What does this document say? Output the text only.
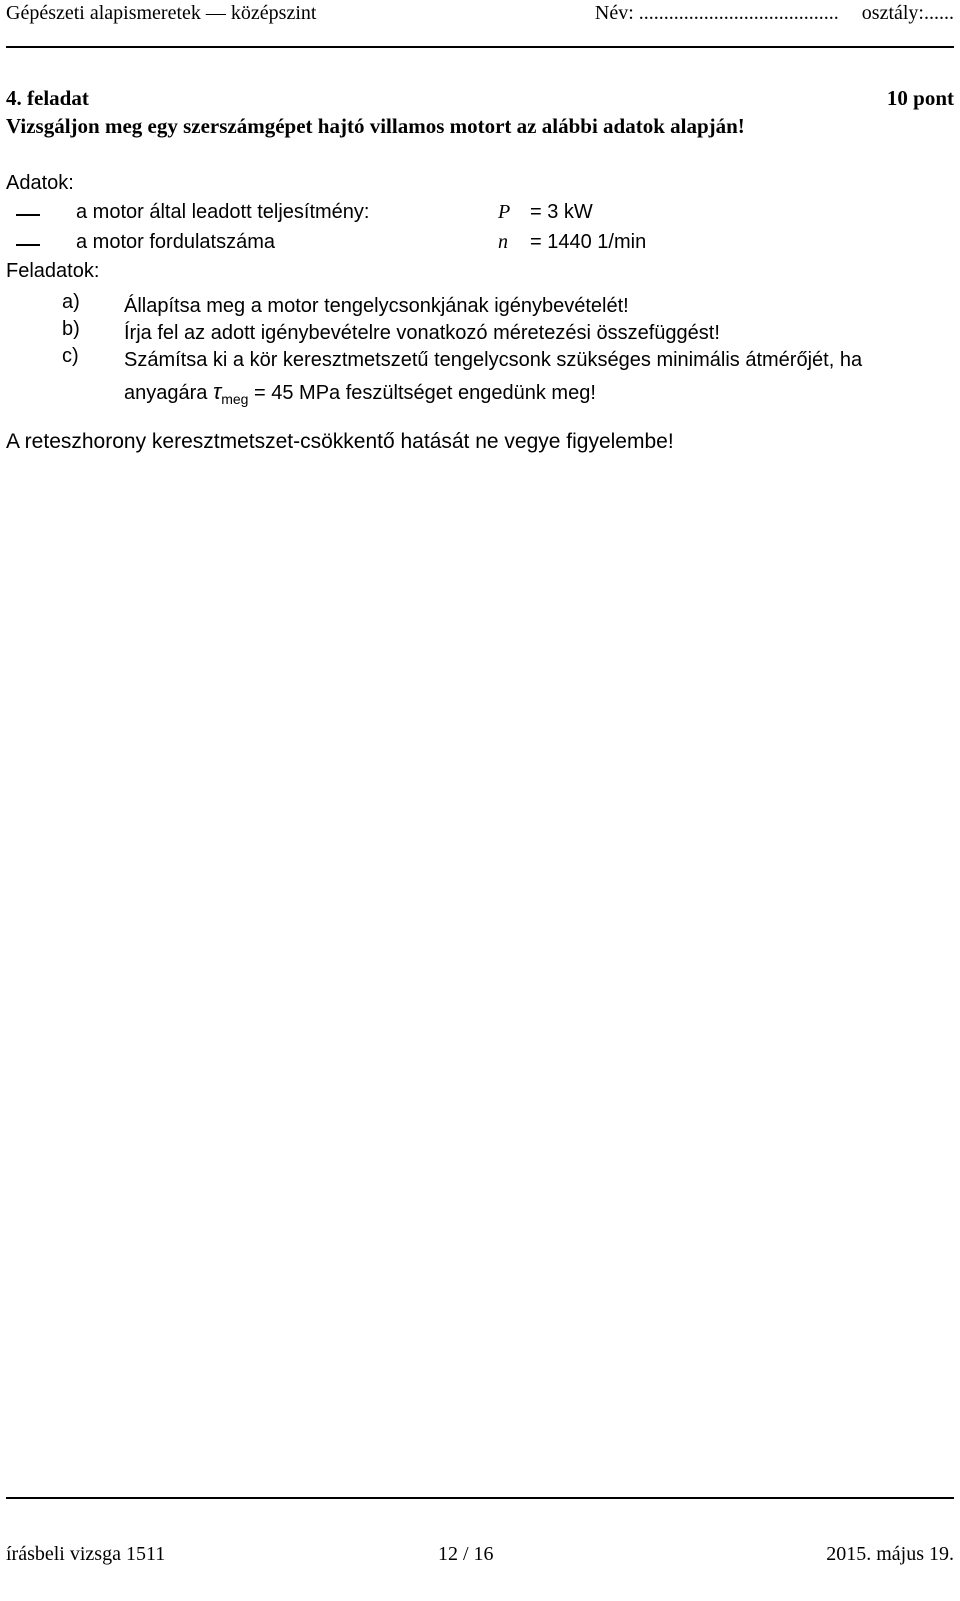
Gépészeti alapismeretek — középszint	Név: ........................................ osztály:......
4. feladat	10 pont
Vizsgáljon meg egy szerszámgépet hajtó villamos motort az alábbi adatok alapján!
Adatok:
a motor által leadott teljesítmény:	P = 3 kW
a motor fordulatszáma	n = 1440 1/min
Feladatok:
a) Állapítsa meg a motor tengelycsonkjának igénybevételét!
b) Írja fel az adott igénybevételre vonatkozó méretezési összefüggést!
c) Számítsa ki a kör keresztmetszetű tengelycsonk szükséges minimális átmérőjét, ha
anyagára $\tau_{meg} = 45$ MPa feszültséget engedünk meg!
A reteszhorony keresztmetszet-csökkentő hatását ne vegye figyelembe!
írásbeli vizsga 1511	12 / 16	2015. május 19.
